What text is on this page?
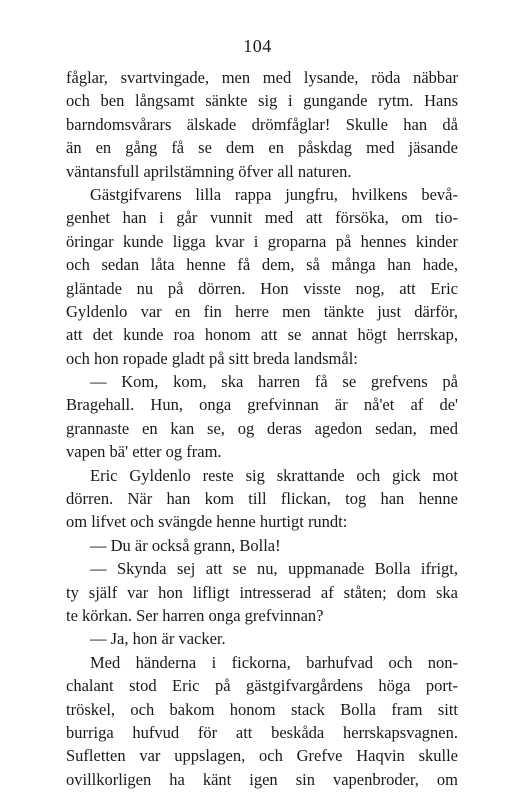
104
fåglar, svartvingade, men med lysande, röda näbbar
och ben långsamt sänkte sig i gungande rytm. Hans
barndomsvårars älskade drömfåglar! Skulle han då
än en gång få se dem en påskdag med jäsande
väntansfull aprilstämning öfver all naturen.
Gästgifvarens lilla rappa jungfru, hvilkens bevå-
genhet han i går vunnit med att försöka, om tio-
öringar kunde ligga kvar i groparna på hennes kinder
och sedan låta henne få dem, så många han hade,
gläntade nu på dörren. Hon visste nog, att Eric
Gyldenlo var en fin herre men tänkte just därför,
att det kunde roa honom att se annat högt herrskap,
och hon ropade gladt på sitt breda landsmål:
— Kom, kom, ska harren få se grefvens på
Bragehall. Hun, onga grefvinnan är nå'et af de'
grannaste en kan se, og deras agedon sedan, med
vapen bä' etter og fram.
Eric Gyldenlo reste sig skrattande och gick mot
dörren. När han kom till flickan, tog han henne
om lifvet och svängde henne hurtigt rundt:
— Du är också grann, Bolla!
— Skynda sej att se nu, uppmanade Bolla ifrigt,
ty själf var hon lifligt intresserad af ståten; dom ska
te körkan. Ser harren onga grefvinnan?
— Ja, hon är vacker.
Med händerna i fickorna, barhufvad och non-
chalant stod Eric på gästgifvargårdens höga port-
tröskel, och bakom honom stack Bolla fram sitt
burriga hufvud för att beskåda herrskapsvagnen.
Sufletten var uppslagen, och Grefve Haqvin skulle
ovillkorligen ha känt igen sin vapenbroder, om
